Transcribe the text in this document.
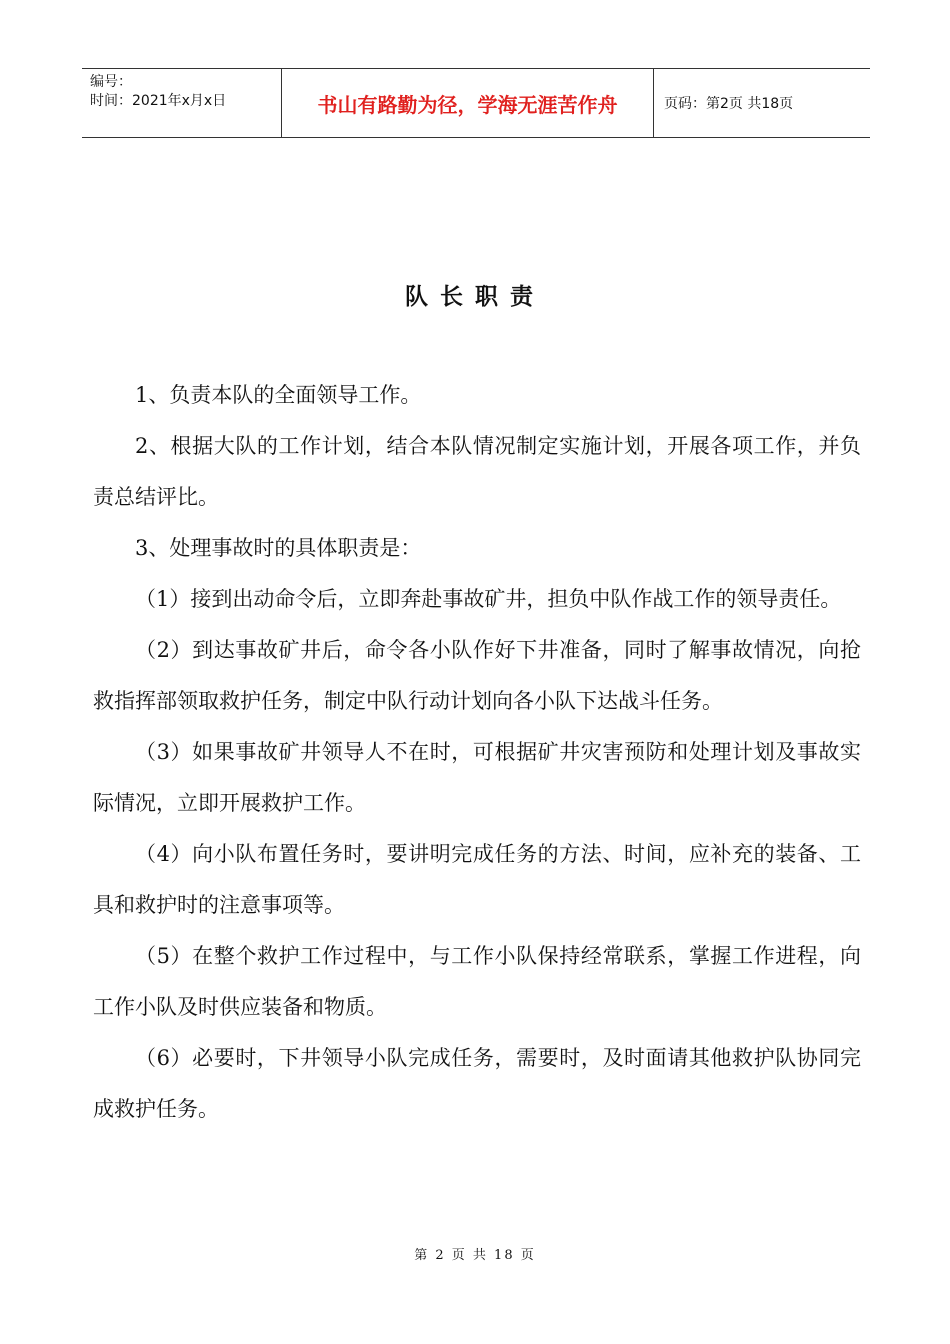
编号：
时间：2021年x月x日	书山有路勤为径，学海无涯苦作舟	页码：第2页 共18页
队长职责

1、负责本队的全面领导工作。

2、根据大队的工作计划，结合本队情况制定实施计划，开展各项工作，并负责总结评比。

3、处理事故时的具体职责是：

（1）接到出动命令后，立即奔赴事故矿井，担负中队作战工作的领导责任。

（2）到达事故矿井后，命令各小队作好下井准备，同时了解事故情况，向抢救指挥部领取救护任务，制定中队行动计划向各小队下达战斗任务。

（3）如果事故矿井领导人不在时，可根据矿井灾害预防和处理计划及事故实际情况，立即开展救护工作。

（4）向小队布置任务时，要讲明完成任务的方法、时间，应补充的装备、工具和救护时的注意事项等。

（5）在整个救护工作过程中，与工作小队保持经常联系，掌握工作进程，向工作小队及时供应装备和物质。

（6）必要时，下井领导小队完成任务，需要时，及时面请其他救护队协同完成救护任务。

第 2 页 共 18 页
